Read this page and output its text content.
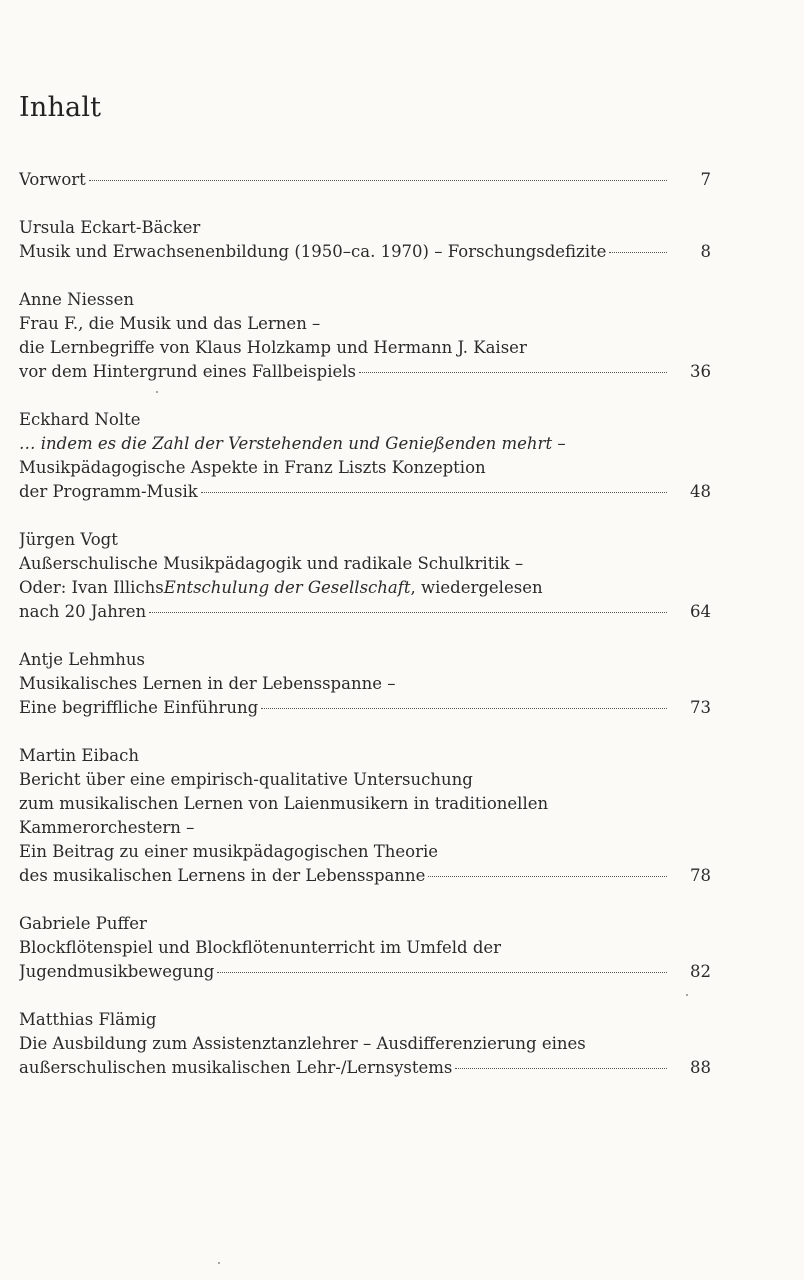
Inhalt
Vorwort	7
Ursula Eckart-Bäcker
Musik und Erwachsenenbildung (1950–ca. 1970) – Forschungsdefizite	8
Anne Niessen
Frau F., die Musik und das Lernen –
die Lernbegriffe von Klaus Holzkamp und Hermann J. Kaiser
vor dem Hintergrund eines Fallbeispiels	36
Eckhard Nolte
… indem es die Zahl der Verstehenden und Genießenden mehrt –
Musikpädagogische Aspekte in Franz Liszts Konzeption
der Programm-Musik	48
Jürgen Vogt
Außerschulische Musikpädagogik und radikale Schulkritik –
Oder: Ivan IllichsEntschulung der Gesellschaft, wiedergelesen
nach 20 Jahren	64
Antje Lehmhus
Musikalisches Lernen in der Lebensspanne –
Eine begriffliche Einführung	73
Martin Eibach
Bericht über eine empirisch-qualitative Untersuchung
zum musikalischen Lernen von Laienmusikern in traditionellen
Kammerorchestern –
Ein Beitrag zu einer musikpädagogischen Theorie
des musikalischen Lernens in der Lebensspanne	78
Gabriele Puffer
Blockflötenspiel und Blockflötenunterricht im Umfeld der
Jugendmusikbewegung	82
Matthias Flämig
Die Ausbildung zum Assistenztanzlehrer – Ausdifferenzierung eines
außerschulischen musikalischen Lehr-/Lernsystems	88
